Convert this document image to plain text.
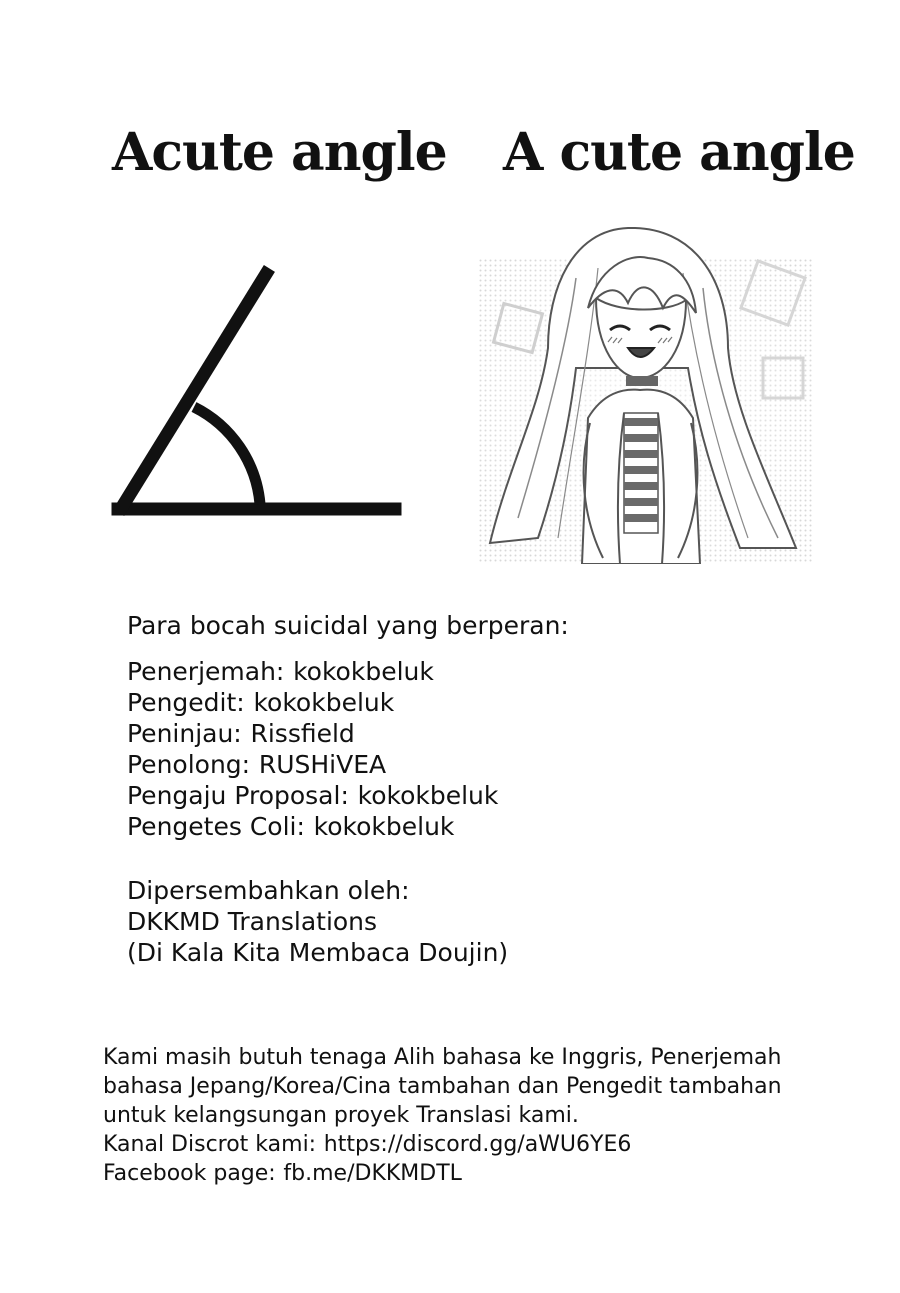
Acute angle A cute angle
Para bocah suicidal yang berperan:
Penerjemah: kokokbeluk
Pengedit: kokokbeluk
Peninjau: Rissfield
Penolong: RUSHiVEA
Pengaju Proposal: kokokbeluk
Pengetes Coli: kokokbeluk
Dipersembahkan oleh:
DKKMD Translations
(Di Kala Kita Membaca Doujin)
Kami masih butuh tenaga Alih bahasa ke Inggris, Penerjemah
bahasa Jepang/Korea/Cina tambahan dan Pengedit tambahan
untuk kelangsungan proyek Translasi kami.
Kanal Discrot kami: https://discord.gg/aWU6YE6
Facebook page: fb.me/DKKMDTL
